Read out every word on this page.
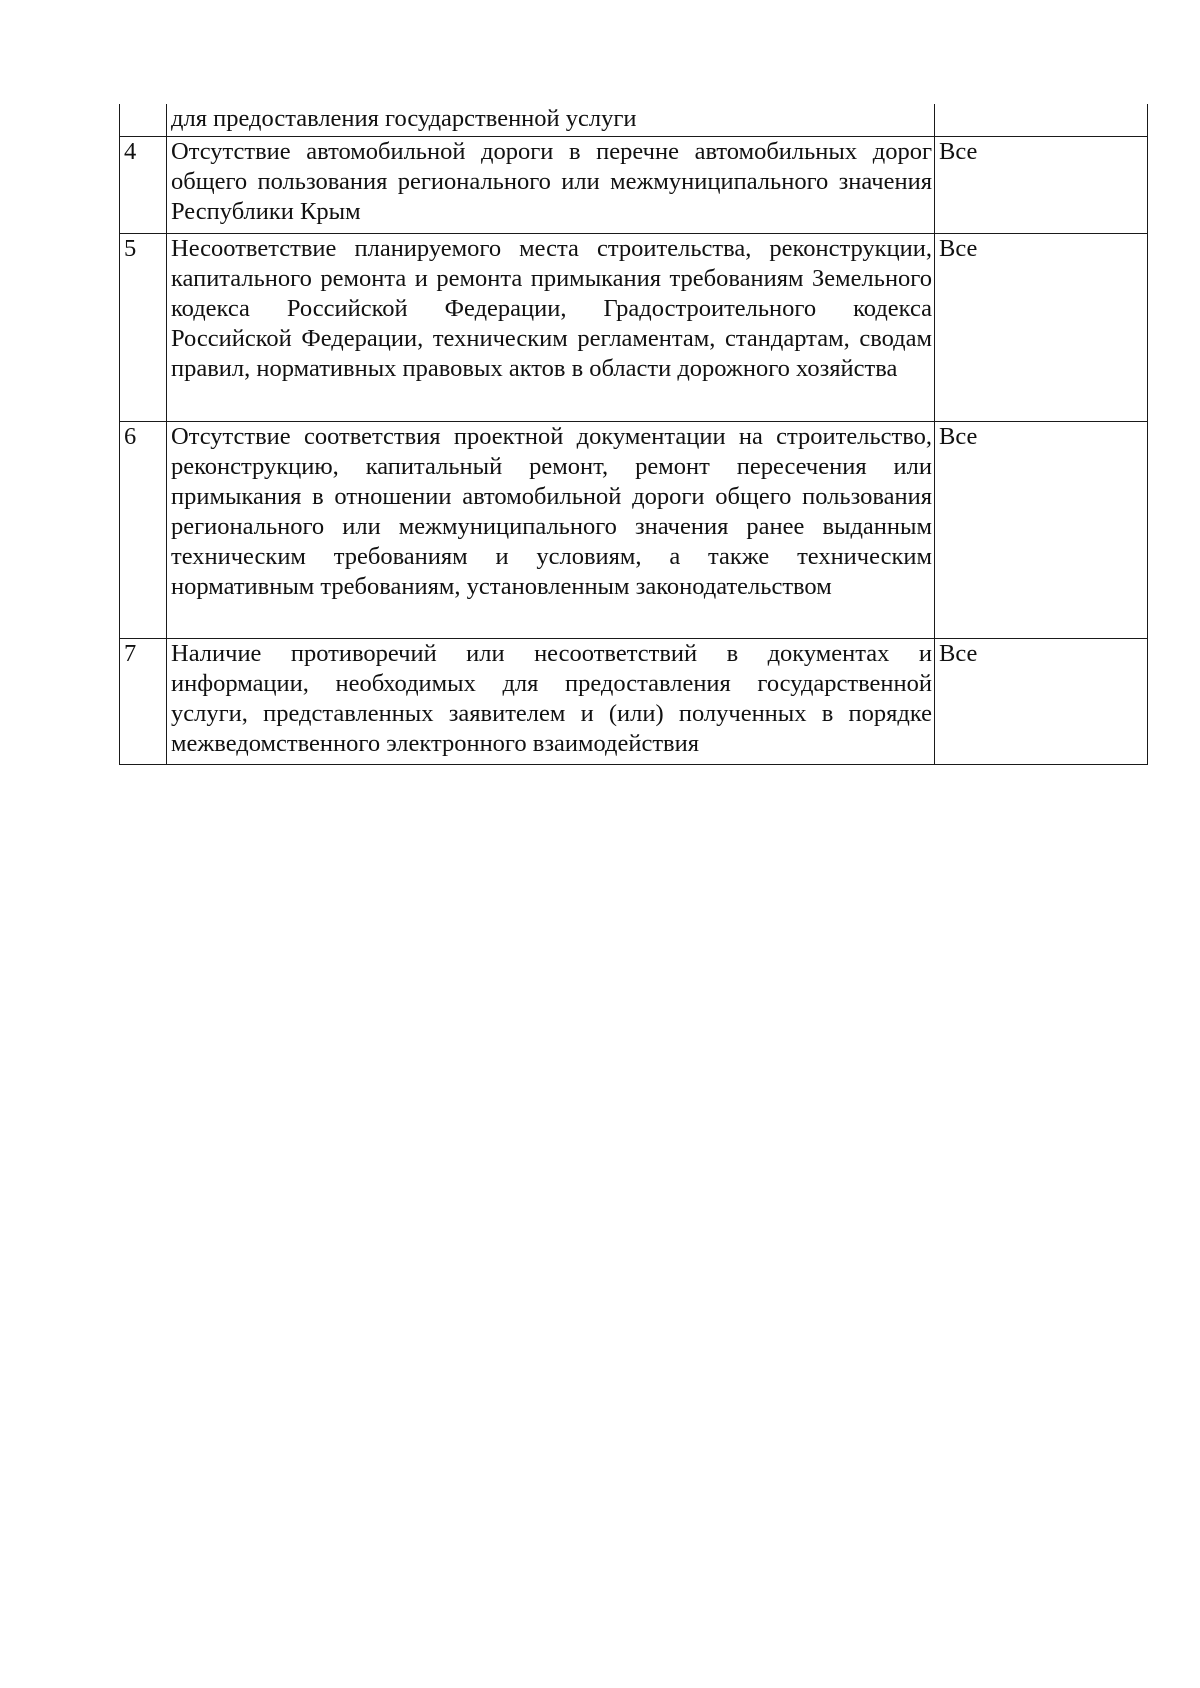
	для предоставления государственной услуги	
4	Отсутствие автомобильной дороги в перечне автомобильных дорог общего пользования регионального или межмуниципального значения Республики Крым	Все
5	Несоответствие планируемого места строительства, реконструкции, капитального ремонта и ремонта примыкания требованиям Земельного кодекса Российской Федерации, Градостроительного кодекса Российской Федерации, техническим регламентам, стандартам, сводам правил, нормативных правовых актов в области дорожного хозяйства	Все
6	Отсутствие соответствия проектной документации на строительство, реконструкцию, капитальный ремонт, ремонт пересечения или примыкания в отношении автомобильной дороги общего пользования регионального или межмуниципального значения ранее выданным техническим требованиям и условиям, а также техническим нормативным требованиям, установленным законодательством	Все
7	Наличие противоречий или несоответствий в документах и информации, необходимых для предоставления государственной услуги, представленных заявителем и (или) полученных в порядке межведомственного электронного взаимодействия	Все
